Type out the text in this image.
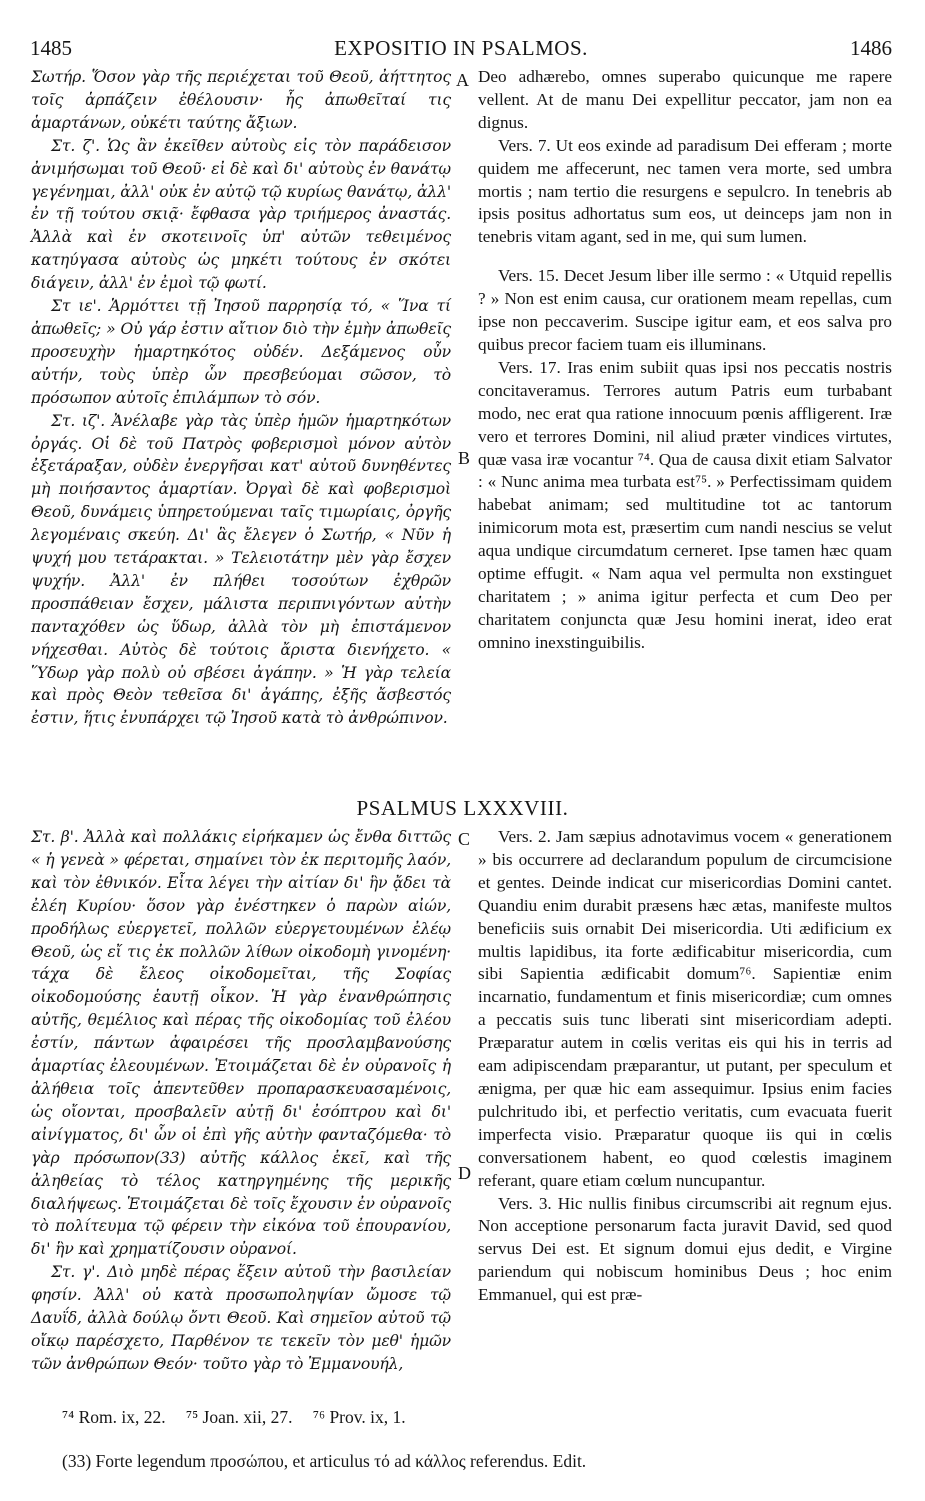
1485	EXPOSITIO IN PSALMOS.	1486

Σωτήρ. Ὅσον γὰρ τῆς περιέχεται τοῦ Θεοῦ, ἀήττητος τοῖς ἁρπάζειν ἐθέλουσιν· ἧς ἀπωθεῖταί τις ἁμαρτάνων, οὐκέτι ταύτης ἄξιων.

Στ. ζ'. Ὡς ἂν ἐκεῖθεν αὐτοὺς εἰς τὸν παράδεισον ἀνιμήσωμαι τοῦ Θεοῦ· εἰ δὲ καὶ δι' αὐτοὺς ἐν θανάτῳ γεγένημαι, ἀλλ' οὐκ ἐν αὐτῷ τῷ κυρίως θανάτῳ, ἀλλ' ἐν τῇ τούτου σκιᾷ· ἔφθασα γὰρ τριήμερος ἀναστάς. Ἀλλὰ καὶ ἐν σκοτεινοῖς ὑπ' αὐτῶν τεθειμένος κατηύγασα αὐτοὺς ὡς μηκέτι τούτους ἐν σκότει διάγειν, ἀλλ' ἐν ἐμοὶ τῷ φωτί.

Στ ιε'. Ἁρμόττει τῇ Ἰησοῦ παρρησίᾳ τό, « Ἵνα τί ἀπωθεῖς; » Οὐ γάρ ἐστιν αἴτιον διὸ τὴν ἐμὴν ἀπωθεῖς προσευχὴν ἡμαρτηκότος οὐδέν. Δεξάμενος οὖν αὐτήν, τοὺς ὑπὲρ ὧν πρεσβεύομαι σῶσον, τὸ πρόσωπον αὐτοῖς ἐπιλάμπων τὸ σόν.

Στ. ιζ'. Ἀνέλαβε γὰρ τὰς ὑπὲρ ἡμῶν ἡμαρτηκότων ὀργάς. Οἱ δὲ τοῦ Πατρὸς φοβερισμοὶ μόνον αὐτὸν ἐξετάραξαν, οὐδὲν ἐνεργῆσαι κατ' αὐτοῦ δυνηθέντες μὴ ποιήσαντος ἁμαρτίαν. Ὀργαὶ δὲ καὶ φοβερισμοὶ Θεοῦ, δυνάμεις ὑπηρετούμεναι ταῖς τιμωρίαις, ὀργῆς λεγομέναις σκεύη. Δι' ἃς ἔλεγεν ὁ Σωτήρ, « Νῦν ἡ ψυχή μου τετάρακται. » Τελειοτάτην μὲν γὰρ ἔσχεν ψυχήν. Ἀλλ' ἐν πλήθει τοσούτων ἐχθρῶν προσπάθειαν ἔσχεν, μάλιστα περιπνιγόντων αὐτὴν πανταχόθεν ὡς ὕδωρ, ἀλλὰ τὸν μὴ ἐπιστάμενον νήχεσθαι. Αὐτὸς δὲ τούτοις ἄριστα διενήχετο. « Ὕδωρ γὰρ πολὺ οὐ σβέσει ἀγάπην. » Ἡ γὰρ τελεία καὶ πρὸς Θεὸν τεθεῖσα δι' ἀγάπης, ἐξῆς ἄσβεστός ἐστιν, ἥτις ἐνυπάρχει τῷ Ἰησοῦ κατὰ τὸ ἀνθρώπινον.

Deo adhærebo, omnes superabo quicunque me rapere vellent. At de manu Dei expellitur peccator, jam non ea dignus.

Vers. 7. Ut eos exinde ad paradisum Dei efferam ; morte quidem me affecerunt, nec tamen vera morte, sed umbra mortis ; nam tertio die resurgens e sepulcro. In tenebris ab ipsis positus adhortatus sum eos, ut deinceps jam non in tenebris vitam agant, sed in me, qui sum lumen.

Vers. 15. Decet Jesum liber ille sermo : « Utquid repellis ? » Non est enim causa, cur orationem meam repellas, cum ipse non peccaverim. Suscipe igitur eam, et eos salva pro quibus precor faciem tuam eis illuminans.

Vers. 17. Iras enim subiit quas ipsi nos peccatis nostris concitaveramus. Terrores autum Patris eum turbabant modo, nec erat qua ratione innocuum pœnis affligerent. Iræ vero et terrores Domini, nil aliud præter vindices virtutes, quæ vasa iræ vocantur ⁷⁴. Qua de causa dixit etiam Salvator : « Nunc anima mea turbata est⁷⁵. » Perfectissimam quidem habebat animam; sed multitudine tot ac tantorum inimicorum mota est, præsertim cum nandi nescius se velut aqua undique circumdatum cerneret. Ipse tamen hæc quam optime effugit. « Nam aqua vel permulta non exstinguet charitatem ; » anima igitur perfecta et cum Deo per charitatem conjuncta quæ Jesu homini inerat, ideo erat omnino inexstinguibilis.

A
B
PSALMUS LXXXVIII.

Στ. β'. Ἀλλὰ καὶ πολλάκις εἰρήκαμεν ὡς ἔνθα διττῶς « ἡ γενεὰ » φέρεται, σημαίνει τὸν ἐκ περιτομῆς λαόν, καὶ τὸν ἐθνικόν. Εἶτα λέγει τὴν αἰτίαν δι' ἣν ᾄδει τὰ ἐλέη Κυρίου· ὅσον γὰρ ἐνέστηκεν ὁ παρὼν αἰών, προδήλως εὐεργετεῖ, πολλῶν εὐεργετουμένων ἐλέῳ Θεοῦ, ὡς εἴ τις ἐκ πολλῶν λίθων οἰκοδομὴ γινομένη· τάχα δὲ ἔλεος οἰκοδομεῖται, τῆς Σοφίας οἰκοδομούσης ἑαυτῇ οἶκον. Ἡ γὰρ ἐνανθρώπησις αὐτῆς, θεμέλιος καὶ πέρας τῆς οἰκοδομίας τοῦ ἐλέου ἐστίν, πάντων ἀφαιρέσει τῆς προσλαμβανούσης ἁμαρτίας ἐλεουμένων. Ἑτοιμάζεται δὲ ἐν οὐρανοῖς ἡ ἀλήθεια τοῖς ἀπεντεῦθεν προπαρασκευασαμένοις, ὡς οἴονται, προσβαλεῖν αὐτῇ δι' ἐσόπτρου καὶ δι' αἰνίγματος, δι' ὧν οἱ ἐπὶ γῆς αὐτὴν φανταζόμεθα· τὸ γὰρ πρόσωπον(33) αὐτῆς κάλλος ἐκεῖ, καὶ τῆς ἀληθείας τὸ τέλος κατηργημένης τῆς μερικῆς διαλήψεως. Ἑτοιμάζεται δὲ τοῖς ἔχουσιν ἐν οὐρανοῖς τὸ πολίτευμα τῷ φέρειν τὴν εἰκόνα τοῦ ἐπουρανίου, δι' ἣν καὶ χρηματίζουσιν οὐρανοί.

Στ. γ'. Διὸ μηδὲ πέρας ἕξειν αὐτοῦ τὴν βασιλείαν φησίν. Ἀλλ' οὐ κατὰ προσωποληψίαν ὤμοσε τῷ Δαυΐδ, ἀλλὰ δούλῳ ὄντι Θεοῦ. Καὶ σημεῖον αὐτοῦ τῷ οἴκῳ παρέσχετο, Παρθένον τε τεκεῖν τὸν μεθ' ἡμῶν τῶν ἀνθρώπων Θεόν· τοῦτο γὰρ τὸ Ἐμμανουήλ,

Vers. 2. Jam sæpius adnotavimus vocem « generationem » bis occurrere ad declarandum populum de circumcisione et gentes. Deinde indicat cur misericordias Domini cantet. Quandiu enim durabit præsens hæc ætas, manifeste multos beneficiis suis ornabit Dei misericordia. Uti ædificium ex multis lapidibus, ita forte ædificabitur misericordia, cum sibi Sapientia ædificabit domum⁷⁶. Sapientiæ enim incarnatio, fundamentum et finis misericordiæ; cum omnes a peccatis suis tunc liberati sint misericordiam adepti. Præparatur autem in cœlis veritas eis qui his in terris ad eam adipiscendam præparantur, ut putant, per speculum et ænigma, per quæ hic eam assequimur. Ipsius enim facies pulchritudo ibi, et perfectio veritatis, cum evacuata fuerit imperfecta visio. Præparatur quoque iis qui in cœlis conversationem habent, eo quod cœlestis imaginem referant, quare etiam cœlum nuncupantur.

Vers. 3. Hic nullis finibus circumscribi ait regnum ejus. Non acceptione personarum facta juravit David, sed quod servus Dei est. Et signum domui ejus dedit, e Virgine pariendum qui nobiscum hominibus Deus ; hoc enim Emmanuel, qui est præ-

C
D
⁷⁴ Rom. ix, 22. ⁷⁵ Joan. xii, 27. ⁷⁶ Prov. ix, 1.
(33) Forte legendum προσώπου, et articulus τό ad κάλλος referendus. Edit.
